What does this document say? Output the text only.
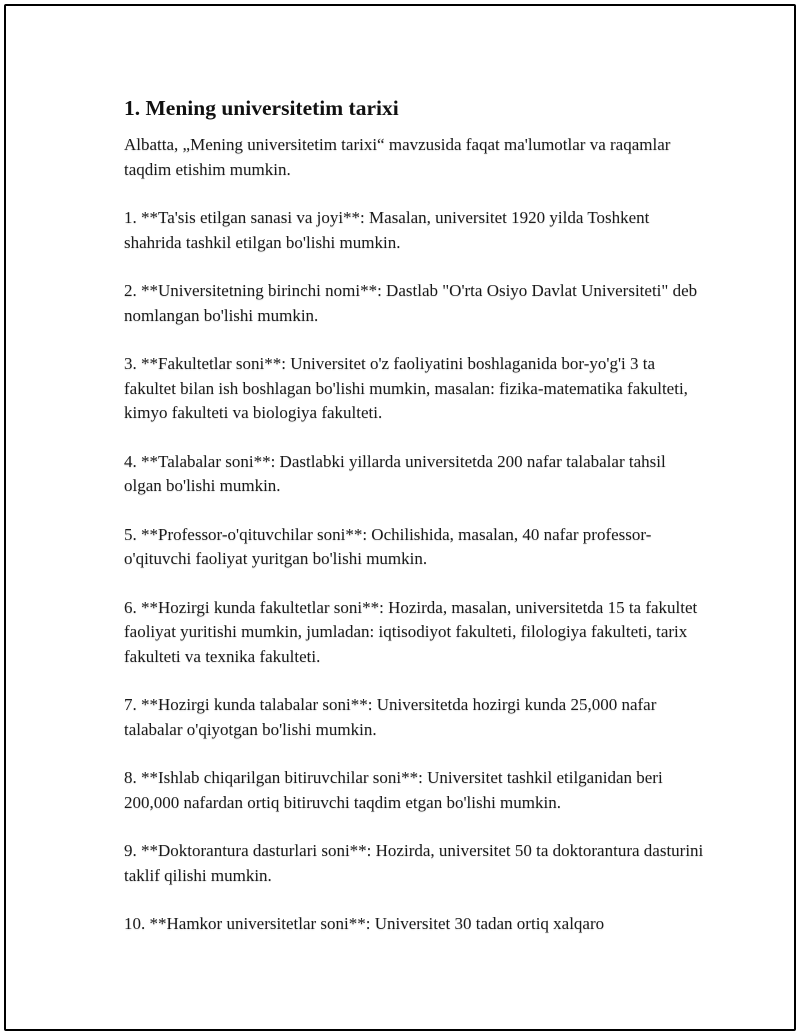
1. Mening universitetim tarixi

Albatta, „Mening universitetim tarixi“ mavzusida faqat ma'lumotlar va raqamlar taqdim etishim mumkin.

1. **Ta'sis etilgan sanasi va joyi**: Masalan, universitet 1920 yilda Toshkent shahrida tashkil etilgan bo'lishi mumkin.

2. **Universitetning birinchi nomi**: Dastlab "O'rta Osiyo Davlat Universiteti" deb nomlangan bo'lishi mumkin.

3. **Fakultetlar soni**: Universitet o'z faoliyatini boshlaganida bor-yo'g'i 3 ta fakultet bilan ish boshlagan bo'lishi mumkin, masalan: fizika-matematika fakulteti, kimyo fakulteti va biologiya fakulteti.

4. **Talabalar soni**: Dastlabki yillarda universitetda 200 nafar talabalar tahsil olgan bo'lishi mumkin.

5. **Professor-o'qituvchilar soni**: Ochilishida, masalan, 40 nafar professor-o'qituvchi faoliyat yuritgan bo'lishi mumkin.

6. **Hozirgi kunda fakultetlar soni**: Hozirda, masalan, universitetda 15 ta fakultet faoliyat yuritishi mumkin, jumladan: iqtisodiyot fakulteti, filologiya fakulteti, tarix fakulteti va texnika fakulteti.

7. **Hozirgi kunda talabalar soni**: Universitetda hozirgi kunda 25,000 nafar talabalar o'qiyotgan bo'lishi mumkin.

8. **Ishlab chiqarilgan bitiruvchilar soni**: Universitet tashkil etilganidan beri 200,000 nafardan ortiq bitiruvchi taqdim etgan bo'lishi mumkin.

9. **Doktorantura dasturlari soni**: Hozirda, universitet 50 ta doktorantura dasturini taklif qilishi mumkin.

10. **Hamkor universitetlar soni**: Universitet 30 tadan ortiq xalqaro
